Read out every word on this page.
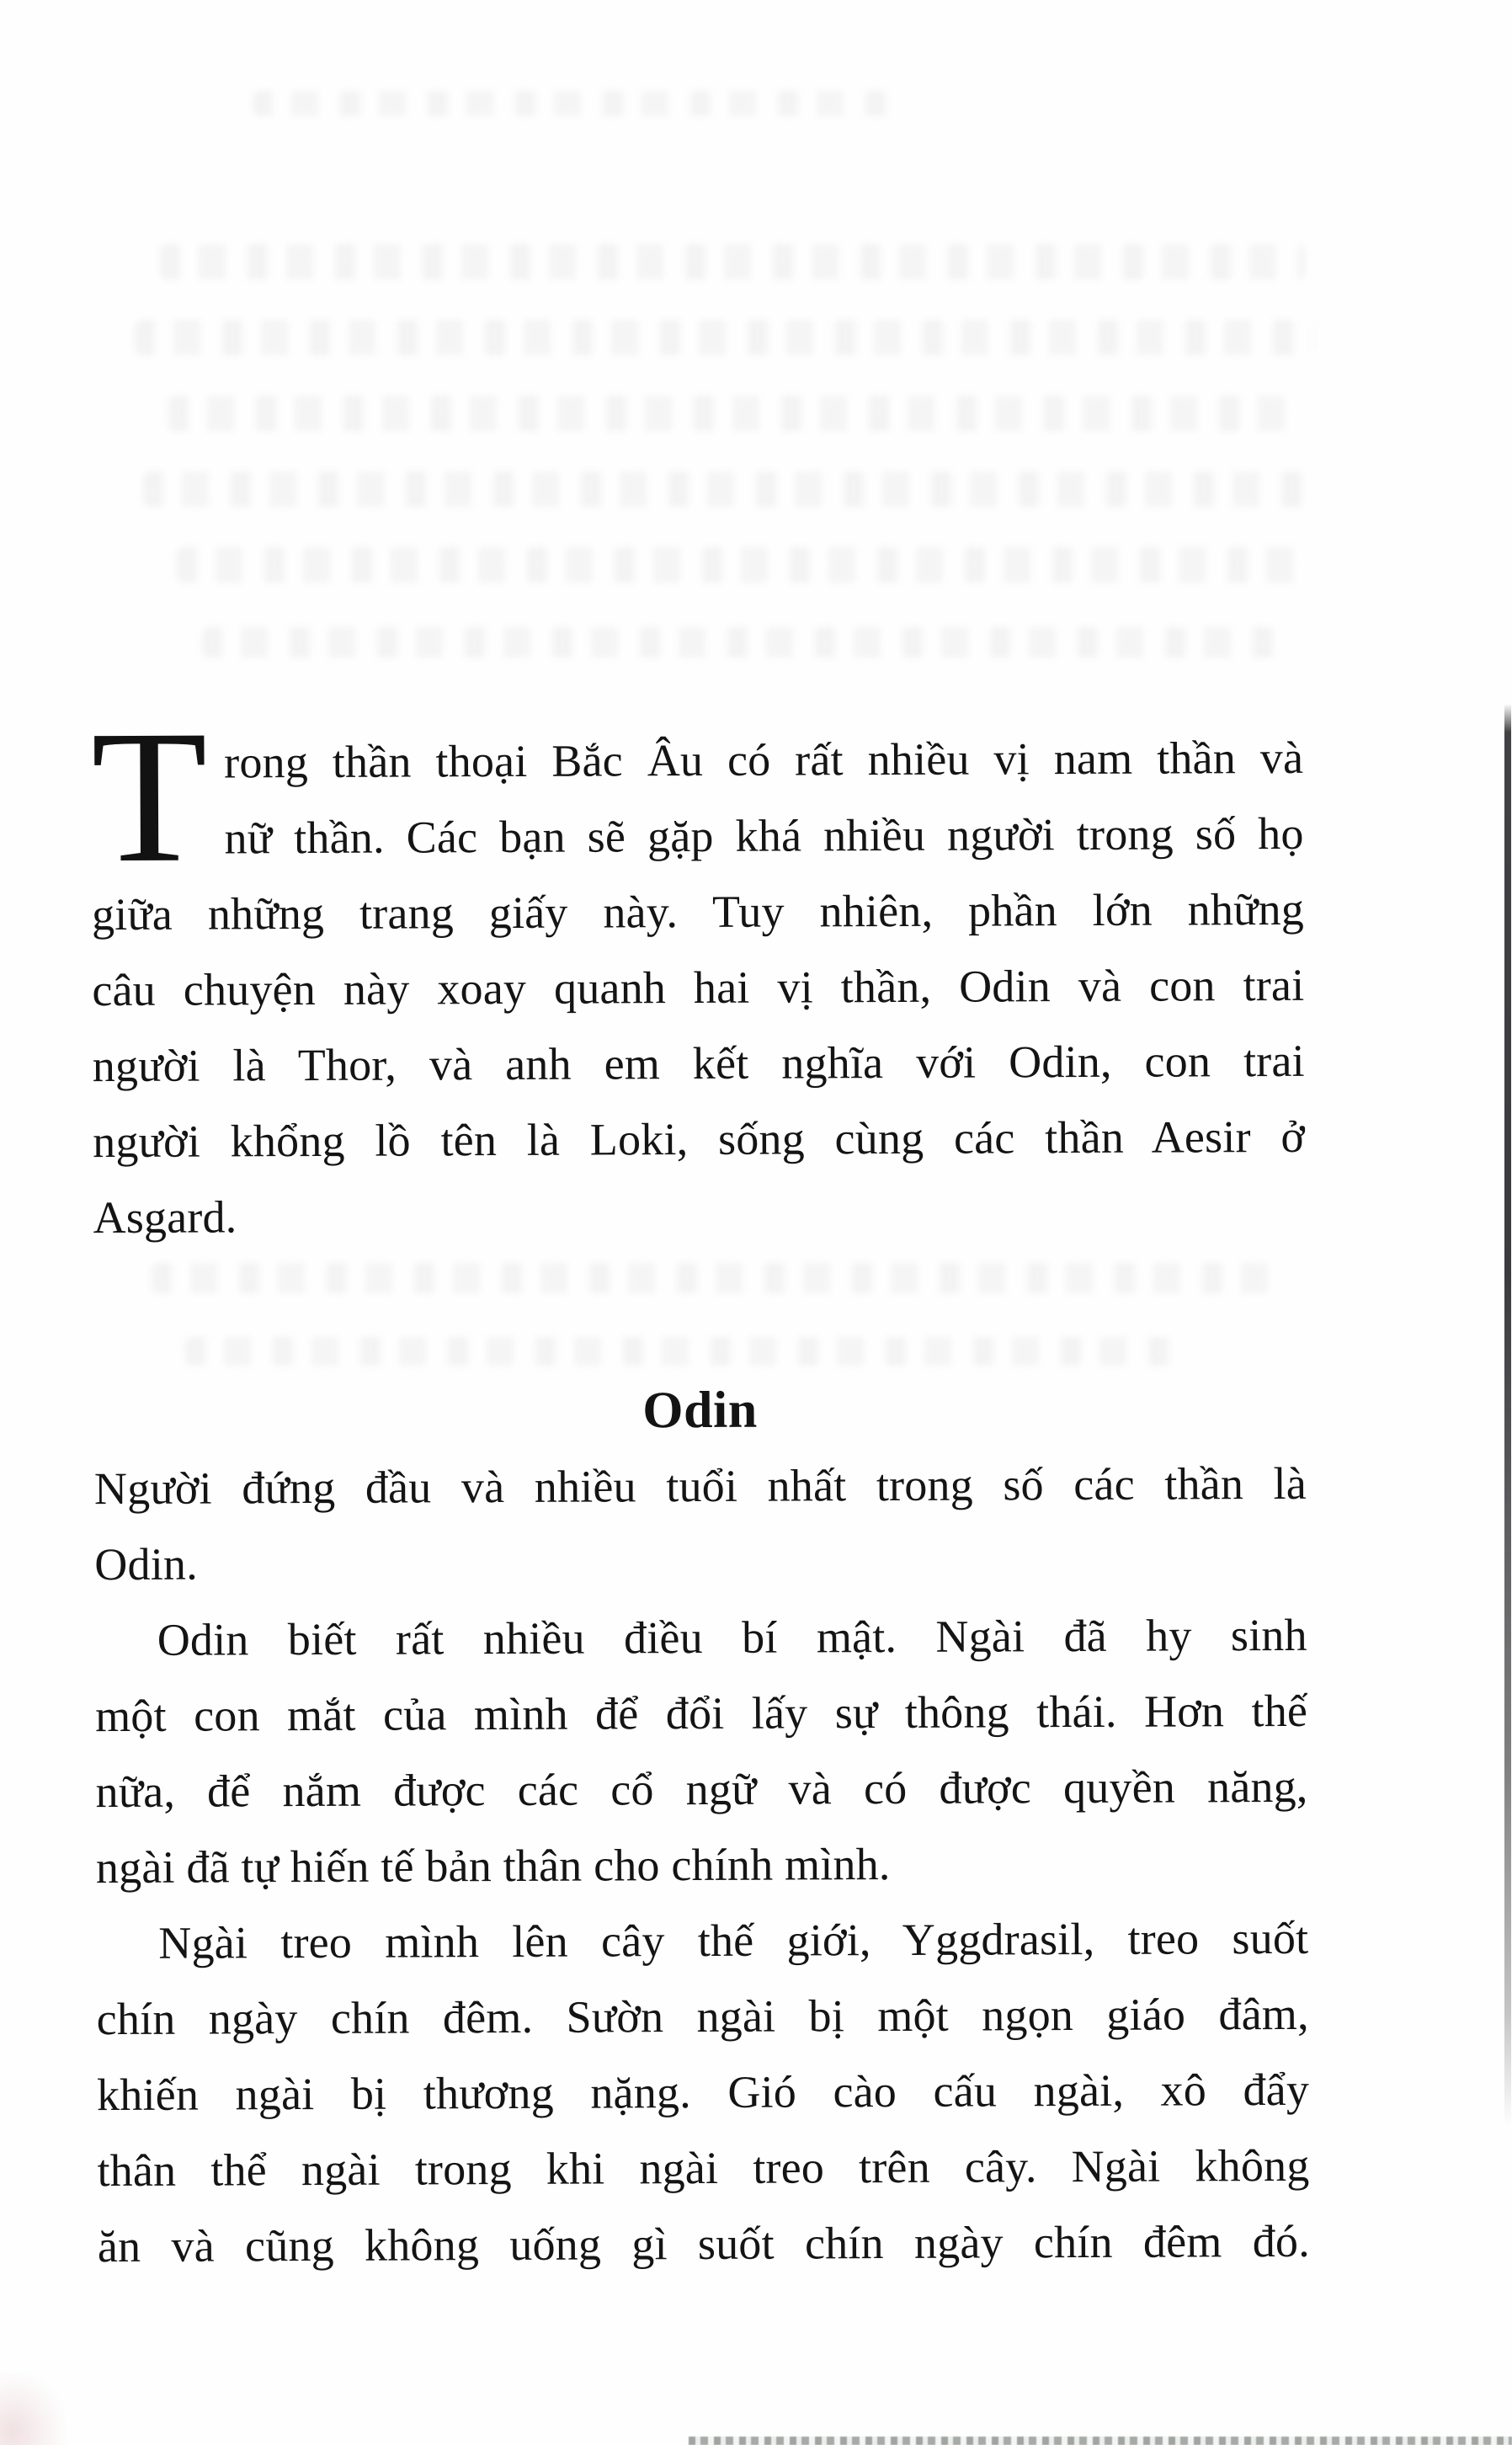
T rong thần thoại Bắc Âu có rất nhiều vị nam thần và
nữ thần. Các bạn sẽ gặp khá nhiều người trong số họ
giữa những trang giấy này. Tuy nhiên, phần lớn những
câu chuyện này xoay quanh hai vị thần, Odin và con trai
người là Thor, và anh em kết nghĩa với Odin, con trai
người khổng lồ tên là Loki, sống cùng các thần Aesir ở
Asgard.
Odin
Người đứng đầu và nhiều tuổi nhất trong số các thần là
Odin.
Odin biết rất nhiều điều bí mật. Ngài đã hy sinh
một con mắt của mình để đổi lấy sự thông thái. Hơn thế
nữa, để nắm được các cổ ngữ và có được quyền năng,
ngài đã tự hiến tế bản thân cho chính mình.
Ngài treo mình lên cây thế giới, Yggdrasil, treo suốt
chín ngày chín đêm. Sườn ngài bị một ngọn giáo đâm,
khiến ngài bị thương nặng. Gió cào cấu ngài, xô đẩy
thân thể ngài trong khi ngài treo trên cây. Ngài không
ăn và cũng không uống gì suốt chín ngày chín đêm đó.
